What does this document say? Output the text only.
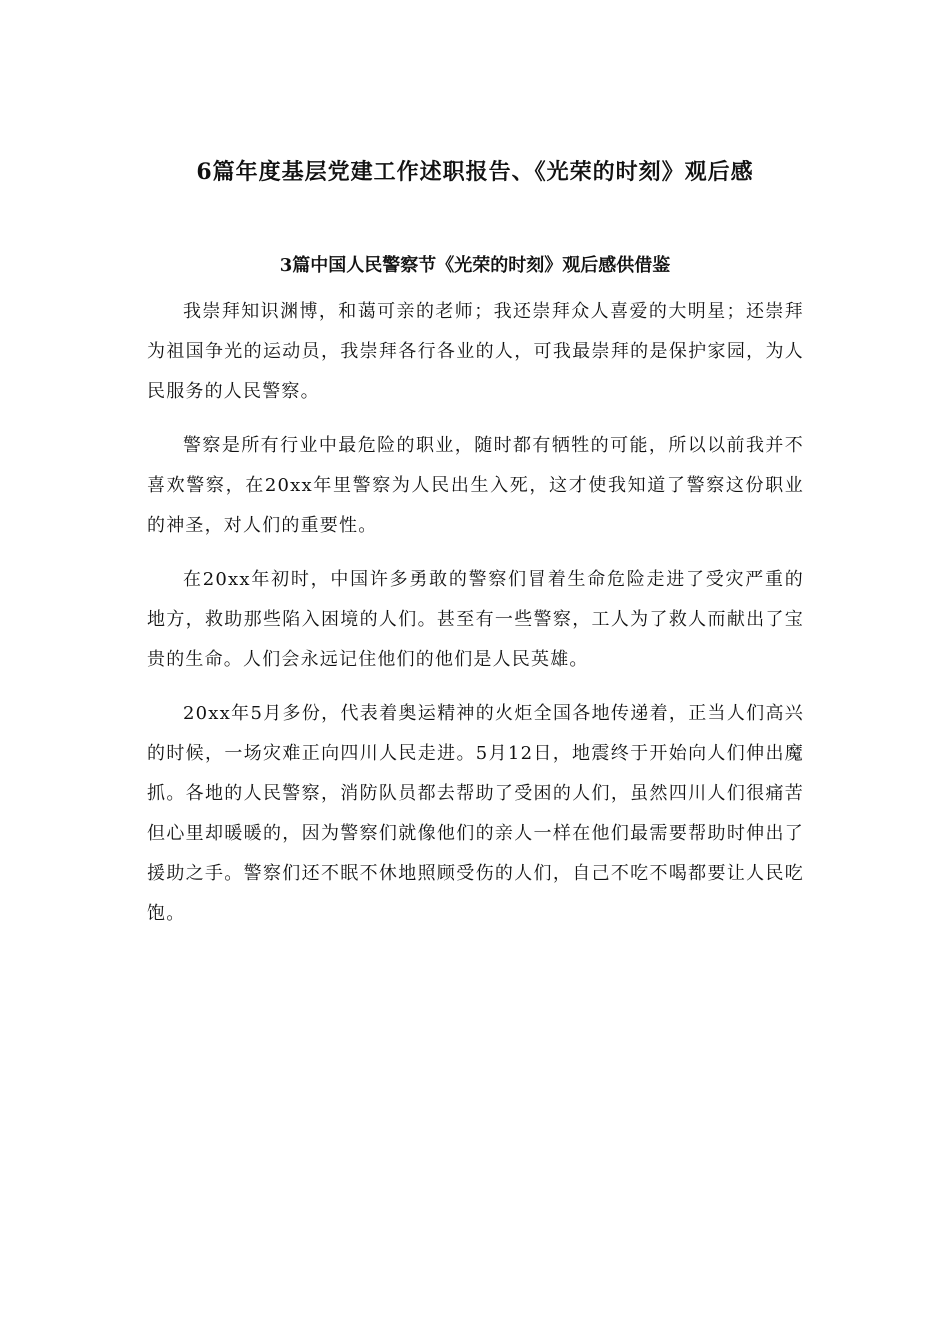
6篇年度基层党建工作述职报告、《光荣的时刻》观后感
3篇中国人民警察节《光荣的时刻》观后感供借鉴

我崇拜知识渊博，和蔼可亲的老师；我还崇拜众人喜爱的大明星；还崇拜为祖国争光的运动员，我崇拜各行各业的人，可我最崇拜的是保护家园，为人民服务的人民警察。

警察是所有行业中最危险的职业，随时都有牺牲的可能，所以以前我并不喜欢警察，在20xx年里警察为人民出生入死，这才使我知道了警察这份职业的神圣，对人们的重要性。

在20xx年初时，中国许多勇敢的警察们冒着生命危险走进了受灾严重的地方，救助那些陷入困境的人们。甚至有一些警察，工人为了救人而献出了宝贵的生命。人们会永远记住他们的他们是人民英雄。

20xx年5月多份，代表着奥运精神的火炬全国各地传递着，正当人们高兴的时候，一场灾难正向四川人民走进。5月12日，地震终于开始向人们伸出魔抓。各地的人民警察，消防队员都去帮助了受困的人们，虽然四川人们很痛苦但心里却暖暖的，因为警察们就像他们的亲人一样在他们最需要帮助时伸出了援助之手。警察们还不眠不休地照顾受伤的人们，自己不吃不喝都要让人民吃饱。
